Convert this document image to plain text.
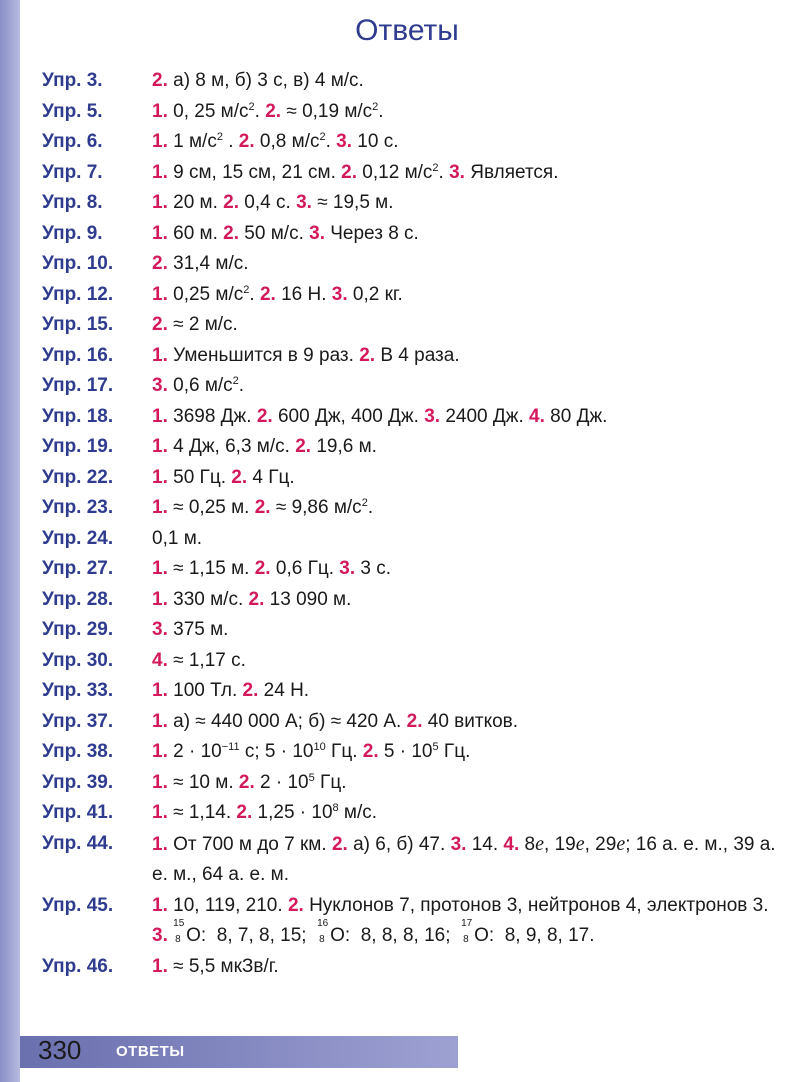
Ответы
Упр. 3.	2. а) 8 м, б) 3 с, в) 4 м/с.
Упр. 5.	1. 0, 25 $м/с^2$. 2. ≈ 0,19 $м/с^2$.
Упр. 6.	1. 1 $м/с^2$ . 2. 0,8 $м/с^2$. 3. 10 с.
Упр. 7.	1. 9 см, 15 см, 21 см. 2. 0,12 $м/с^2$. 3. Является.
Упр. 8.	1. 20 м. 2. 0,4 с. 3. ≈ 19,5 м.
Упр. 9.	1. 60 м. 2. 50 м/с. 3. Через 8 с.
Упр. 10.	2. 31,4 м/с.
Упр. 12.	1. 0,25 $м/с^2$. 2. 16 Н. 3. 0,2 кг.
Упр. 15.	2. ≈ 2 м/с.
Упр. 16.	1. Уменьшится в 9 раз. 2. В 4 раза.
Упр. 17.	3. 0,6 $м/с^2$.
Упр. 18.	1. 3698 Дж. 2. 600 Дж, 400 Дж. 3. 2400 Дж. 4. 80 Дж.
Упр. 19.	1. 4 Дж, 6,3 м/с. 2. 19,6 м.
Упр. 22.	1. 50 Гц. 2. 4 Гц.
Упр. 23.	1. ≈ 0,25 м. 2. ≈ 9,86 $м/с^2$.
Упр. 24.	0,1 м.
Упр. 27.	1. ≈ 1,15 м. 2. 0,6 Гц. 3. 3 с.
Упр. 28.	1. 330 м/с. 2. 13 090 м.
Упр. 29.	3. 375 м.
Упр. 30.	4. ≈ 1,17 с.
Упр. 33.	1. 100 Тл. 2. 24 Н.
Упр. 37.	1. а) ≈ 440 000 А; б) ≈ 420 А. 2. 40 витков.
Упр. 38.	1. $2 \cdot 10^{-11}$ с; $5 \cdot 10^{10}$ Гц. 2. $5 \cdot 10^5$ Гц.
Упр. 39.	1. ≈ 10 м. 2. $2 \cdot 10^5$ Гц.
Упр. 41.	1. ≈ 1,14. 2. $1,25 \cdot 10^8$ м/с.
Упр. 44.	1. От 700 м до 7 км. 2. а) 6, б) 47. 3. 14. 4. 8e, 19e, 29e; 16 а. е. м., 39 а. е. м., 64 а. е. м.
Упр. 45.	1. 10, 119, 210. 2. Нуклонов 7, протонов 3, нейтронов 4, электронов 3. 3.
15
8 O:  8, 7, 8, 15;
16
8 O:  8, 8, 8, 16;
17
8 O:  8, 9, 8, 17.
Упр. 46.	1. ≈ 5,5 мкЗв/г.
330 ОТВЕТЫ
